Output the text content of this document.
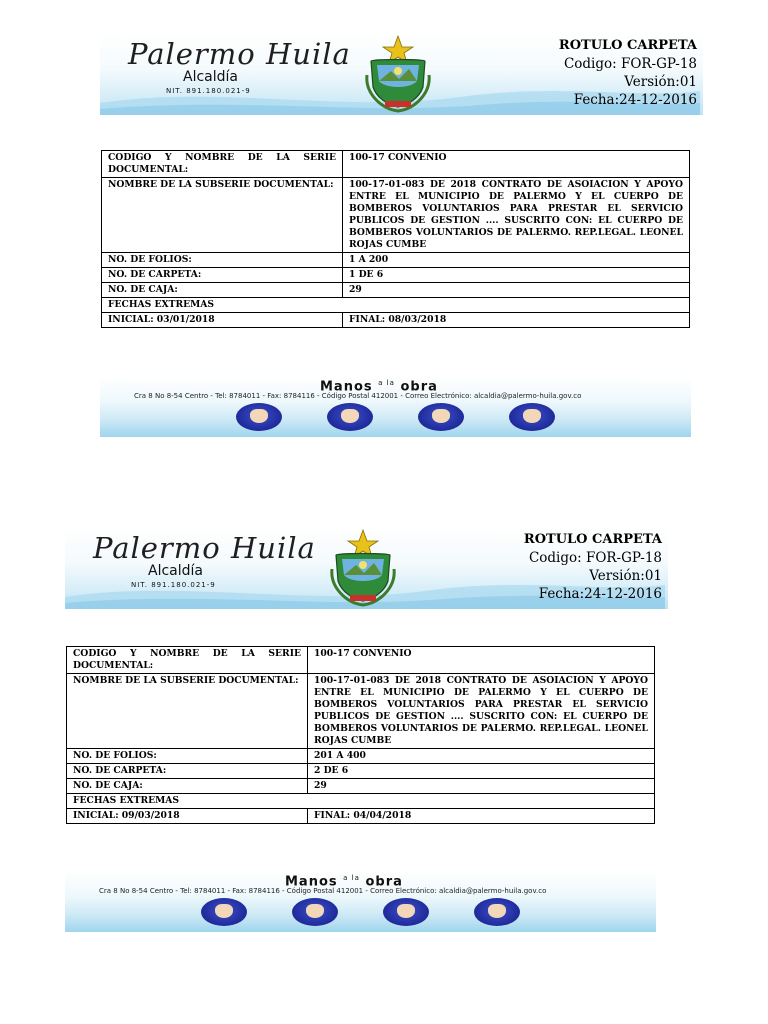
Palermo Huila
Alcaldía
NIT. 891.180.021-9
ROTULO CARPETA
Codigo: FOR-GP-18
Versión:01
Fecha:24-12-2016
CODIGO Y NOMBRE DE LA SERIE DOCUMENTAL:	100-17 CONVENIO
NOMBRE DE LA SUBSERIE DOCUMENTAL:	100-17-01-083 DE 2018 CONTRATO DE ASOIACION Y APOYO ENTRE EL MUNICIPIO DE PALERMO Y EL CUERPO DE BOMBEROS VOLUNTARIOS PARA PRESTAR EL SERVICIO PUBLICOS DE GESTION .... SUSCRITO CON: EL CUERPO DE BOMBEROS VOLUNTARIOS DE PALERMO. REP.LEGAL. LEONEL ROJAS CUMBE
NO. DE FOLIOS:	1 A 200
NO. DE CARPETA:	1 DE 6
NO. DE CAJA:	29
FECHAS EXTREMAS	
INICIAL: 03/01/2018	FINAL: 08/03/2018
Manos $^{a la}$ obra
Cra 8 No 8-54 Centro - Tel: 8784011 - Fax: 8784116 - Código Postal 412001 - Correo Electrónico: alcaldia@palermo-huila.gov.co
Palermo Huila
Alcaldía
NIT. 891.180.021-9
ROTULO CARPETA
Codigo: FOR-GP-18
Versión:01
Fecha:24-12-2016
CODIGO Y NOMBRE DE LA SERIE DOCUMENTAL:	100-17 CONVENIO
NOMBRE DE LA SUBSERIE DOCUMENTAL:	100-17-01-083 DE 2018 CONTRATO DE ASOIACION Y APOYO ENTRE EL MUNICIPIO DE PALERMO Y EL CUERPO DE BOMBEROS VOLUNTARIOS PARA PRESTAR EL SERVICIO PUBLICOS DE GESTION .... SUSCRITO CON: EL CUERPO DE BOMBEROS VOLUNTARIOS DE PALERMO. REP.LEGAL. LEONEL ROJAS CUMBE
NO. DE FOLIOS:	201 A 400
NO. DE CARPETA:	2 DE 6
NO. DE CAJA:	29
FECHAS EXTREMAS	
INICIAL: 09/03/2018	FINAL: 04/04/2018
Manos $^{a la}$ obra
Cra 8 No 8-54 Centro - Tel: 8784011 - Fax: 8784116 - Código Postal 412001 - Correo Electrónico: alcaldia@palermo-huila.gov.co
